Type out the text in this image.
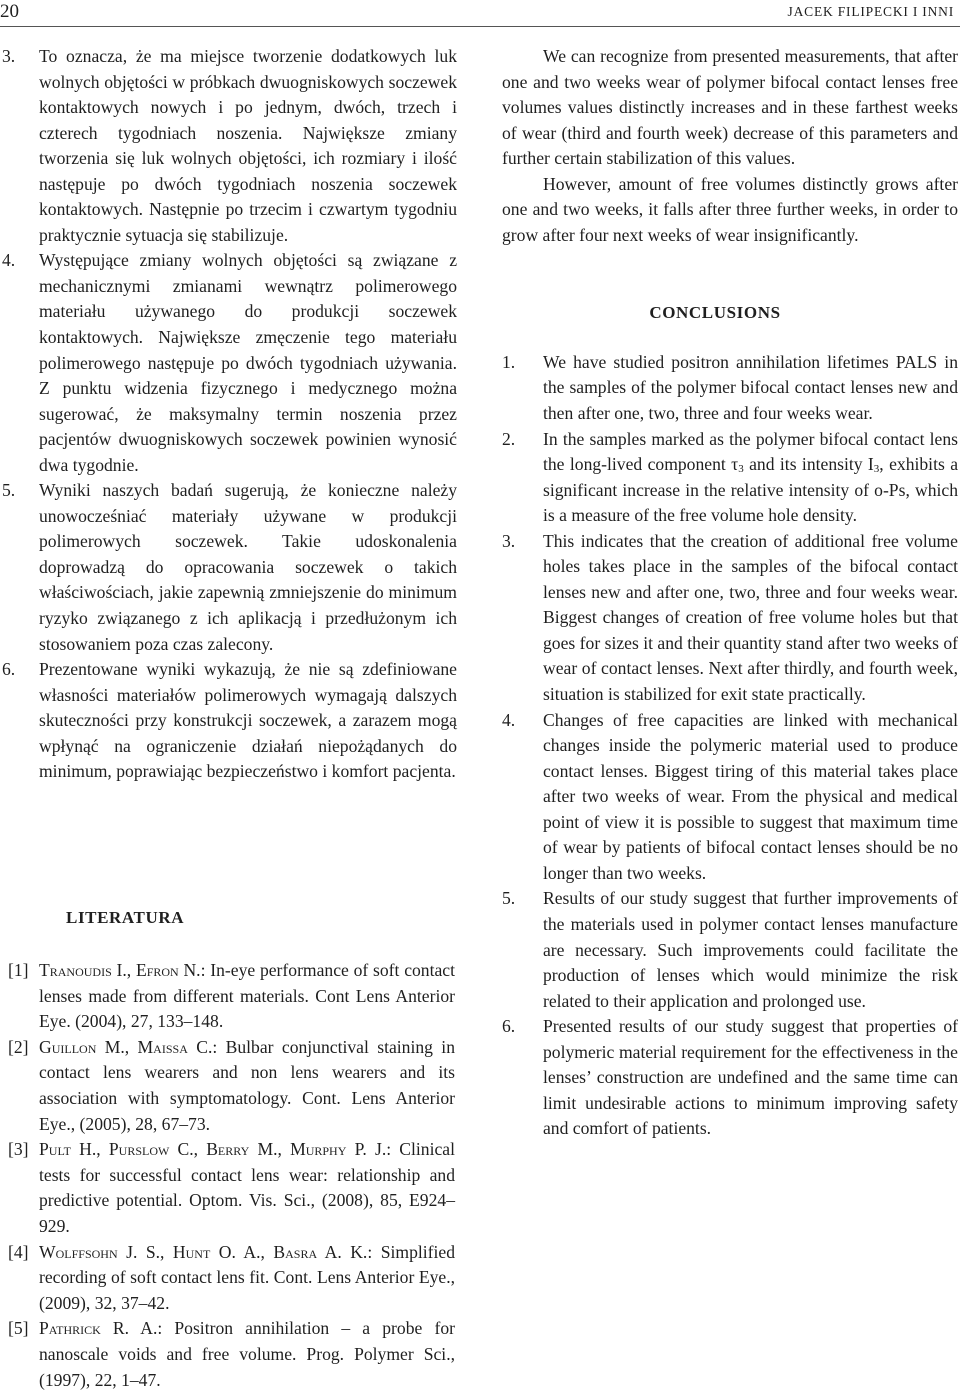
20	JACEK FILIPECKI I INNI
3. To oznacza, że ma miejsce tworzenie dodatkowych luk wolnych objętości w próbkach dwuogniskowych soczewek kontaktowych nowych i po jednym, dwóch, trzech i czterech tygodniach noszenia. Największe zmiany tworzenia się luk wolnych objętości, ich rozmiary i ilość następuje po dwóch tygodniach noszenia soczewek kontaktowych. Następnie po trzecim i czwartym tygodniu praktycznie sytuacja się stabilizuje.
4. Występujące zmiany wolnych objętości są związane z mechanicznymi zmianami wewnątrz polimerowego materiału używanego do produkcji soczewek kontaktowych. Największe zmęczenie tego materiału polimerowego następuje po dwóch tygodniach używania. Z punktu widzenia fizycznego i medycznego można sugerować, że maksymalny termin noszenia przez pacjentów dwuogniskowych soczewek powinien wynosić dwa tygodnie.
5. Wyniki naszych badań sugerują, że konieczne należy unowocześniać materiały używane w produkcji polimerowych soczewek. Takie udoskonalenia doprowadzą do opracowania soczewek o takich właściwościach, jakie zapewnią zmniejszenie do minimum ryzyko związanego z ich aplikacją i przedłużonym ich stosowaniem poza czas zalecony.
6. Prezentowane wyniki wykazują, że nie są zdefiniowane własności materiałów polimerowych wymagają dalszych skuteczności przy konstrukcji soczewek, a zarazem mogą wpłynąć na ograniczenie działań niepożądanych do minimum, poprawiając bezpieczeństwo i komfort pacjenta.
LITERATURA
[1] Tranoudis I., Efron N.: In-eye performance of soft contact lenses made from different materials. Cont Lens Anterior Eye. (2004), 27, 133–148.
[2] Guillon M., Maissa C.: Bulbar conjunctival staining in contact lens wearers and non lens wearers and its association with symptomatology. Cont. Lens Anterior Eye., (2005), 28, 67–73.
[3] Pult H., Purslow C., Berry M., Murphy P. J.: Clinical tests for successful contact lens wear: relationship and predictive potential. Optom. Vis. Sci., (2008), 85, E924–929.
[4] Wolffsohn J. S., Hunt O. A., Basra A. K.: Simplified recording of soft contact lens fit. Cont. Lens Anterior Eye., (2009), 32, 37–42.
[5] Pathrick R. A.: Positron annihilation – a probe for nanoscale voids and free volume. Prog. Polymer Sci., (1997), 22, 1–47.
We can recognize from presented measurements, that after one and two weeks wear of polymer bifocal contact lenses free volumes values distinctly increases and in these farthest weeks of wear (third and fourth week) decrease of this parameters and further certain stabilization of this values.
However, amount of free volumes distinctly grows after one and two weeks, it falls after three further weeks, in order to grow after four next weeks of wear insignificantly.
CONCLUSIONS
1. We have studied positron annihilation lifetimes PALS in the samples of the polymer bifocal contact lenses new and then after one, two, three and four weeks wear.
2. In the samples marked as the polymer bifocal contact lens the long-lived component $\tau_3$ and its intensity $I_3$, exhibits a significant increase in the relative intensity of o-Ps, which is a measure of the free volume hole density.
3. This indicates that the creation of additional free volume holes takes place in the samples of the bifocal contact lenses new and after one, two, three and four weeks wear. Biggest changes of creation of free volume holes but that goes for sizes it and their quantity stand after two weeks of wear of contact lenses. Next after thirdly, and fourth week, situation is stabilized for exit state practically.
4. Changes of free capacities are linked with mechanical changes inside the polymeric material used to produce contact lenses. Biggest tiring of this material takes place after two weeks of wear. From the physical and medical point of view it is possible to suggest that maximum time of wear by patients of bifocal contact lenses should be no longer than two weeks.
5. Results of our study suggest that further improvements of the materials used in polymer contact lenses manufacture are necessary. Such improvements could facilitate the production of lenses which would minimize the risk related to their application and prolonged use.
6. Presented results of our study suggest that properties of polymeric material requirement for the effectiveness in the lenses’ construction are undefined and the same time can limit undesirable actions to minimum improving safety and comfort of patients.
